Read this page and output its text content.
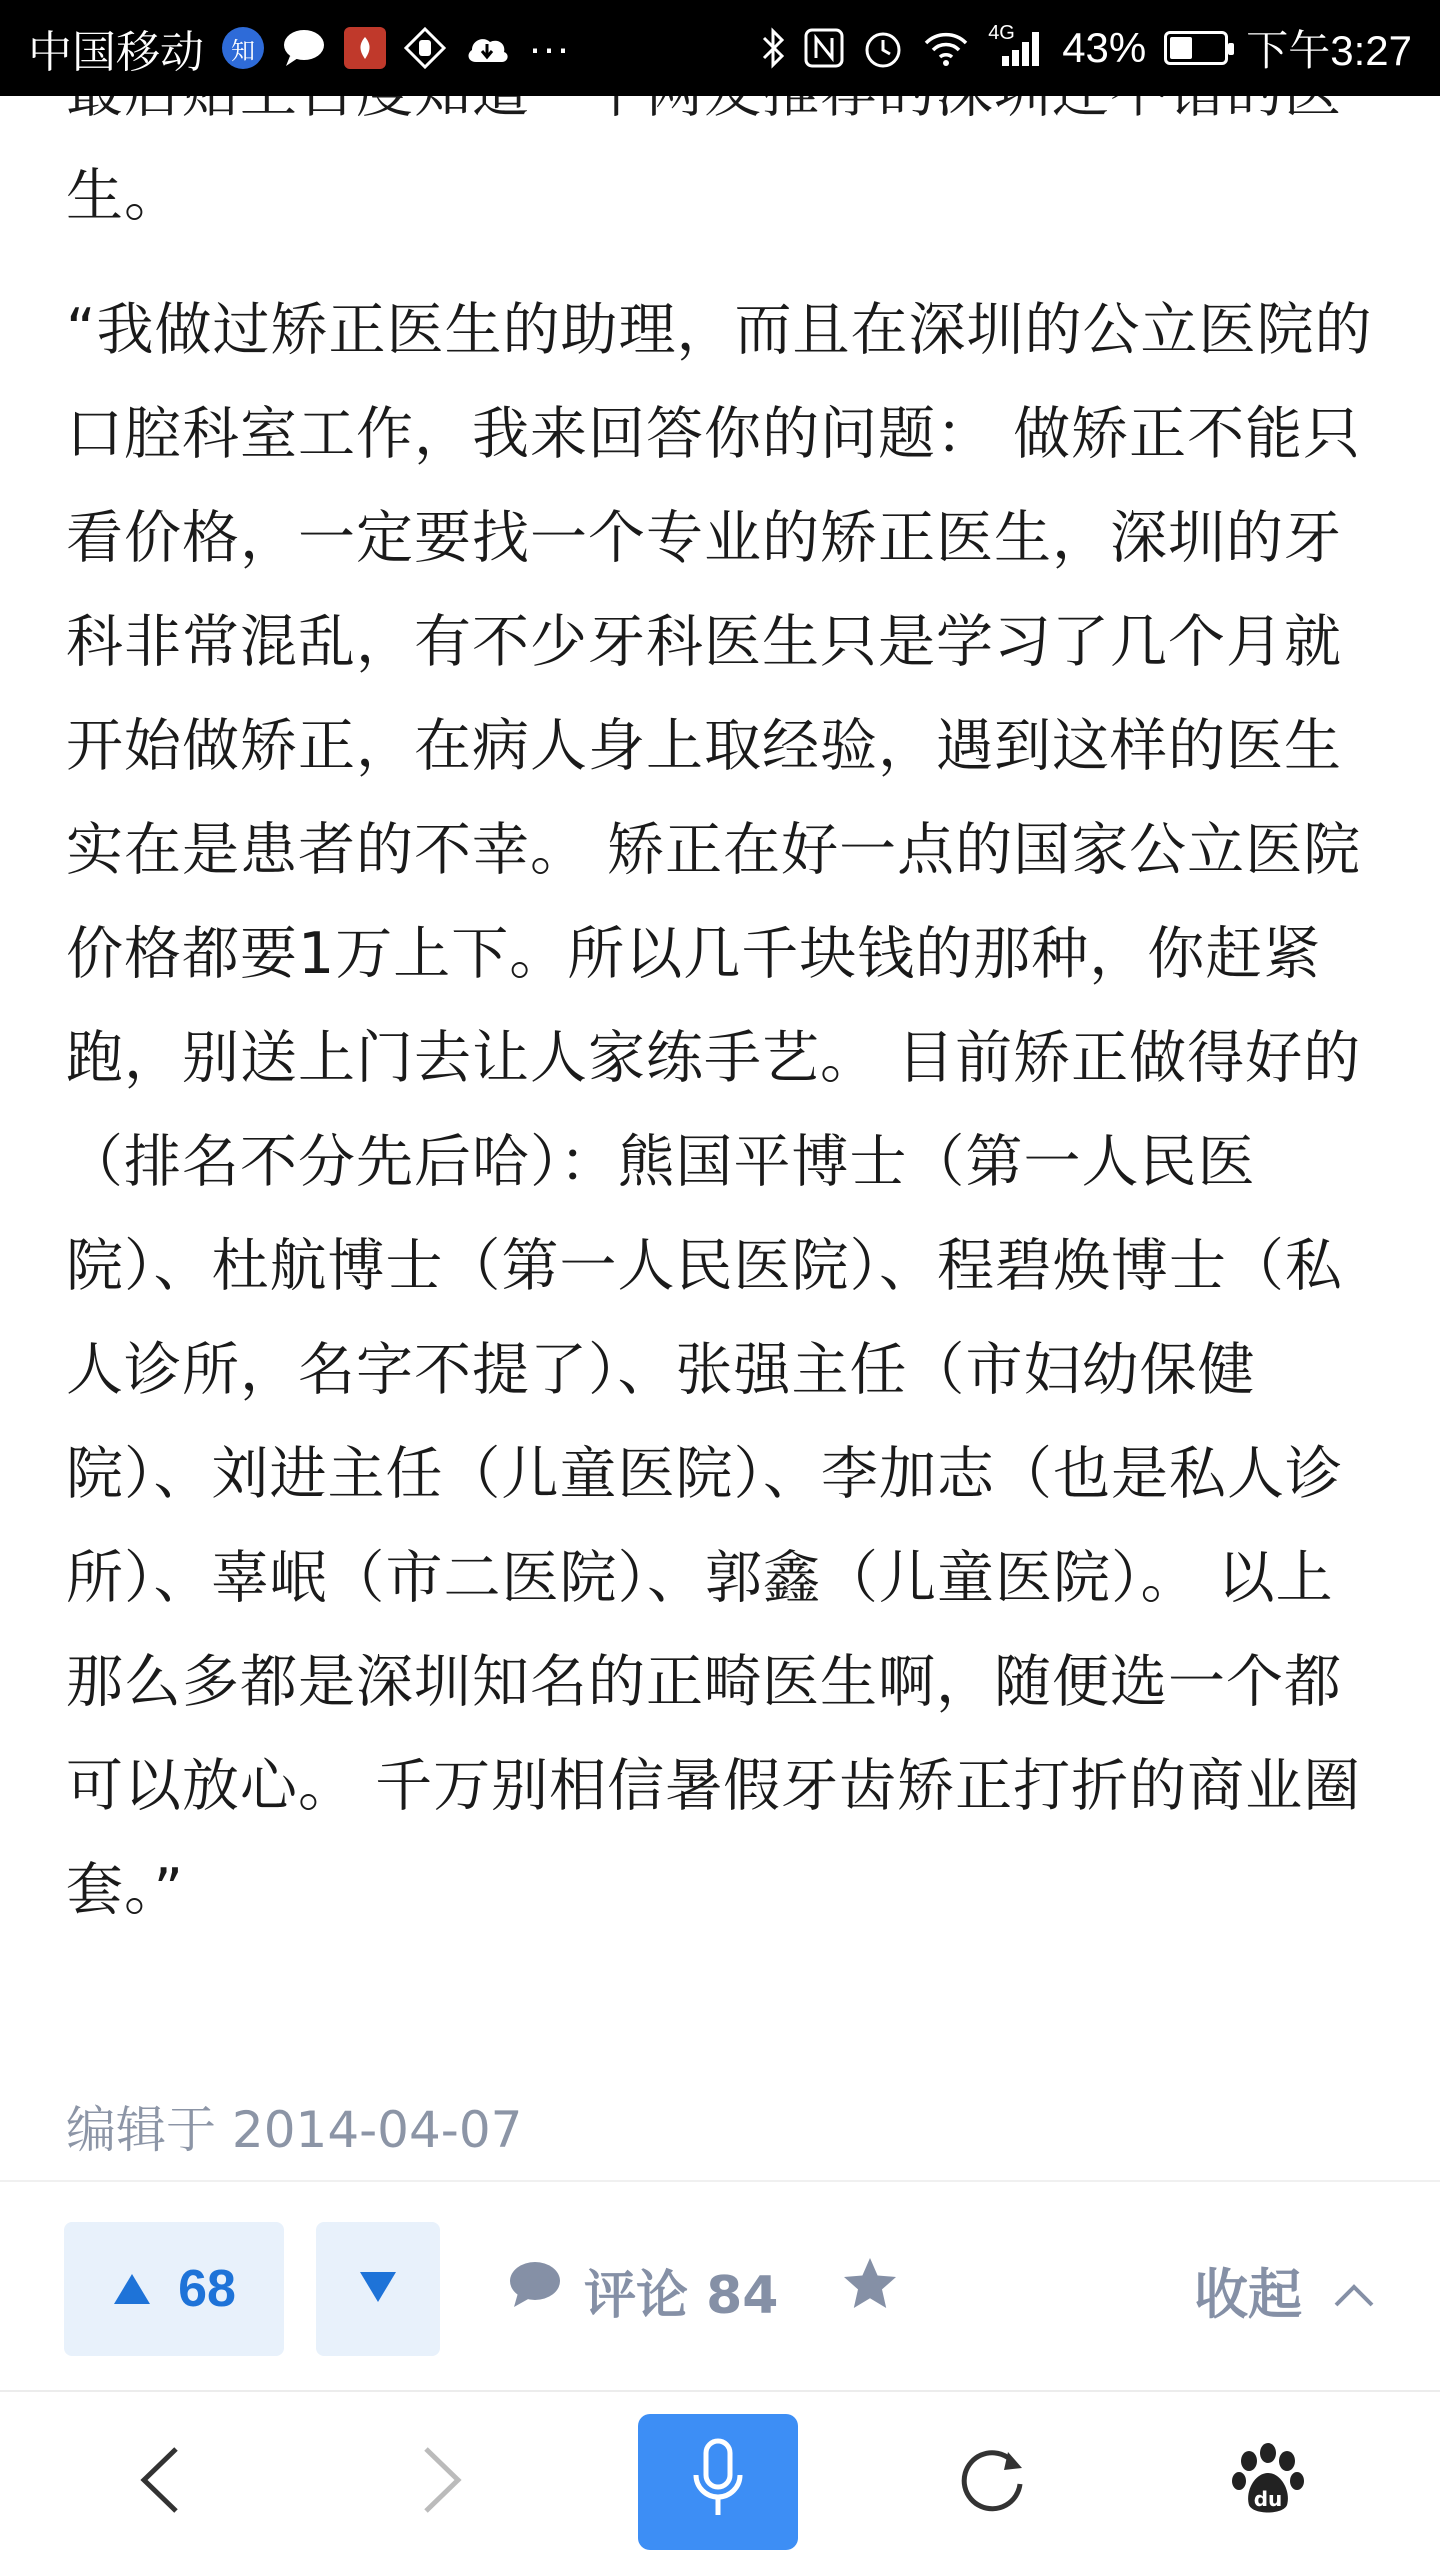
中国移动	知	···	4G 43% 下午3:27

生。

“我做过矫正医生的助理，而且在深圳的公立医院的口腔科室工作，我来回答你的问题： 做矫正不能只看价格，一定要找一个专业的矫正医生，深圳的牙科非常混乱，有不少牙科医生只是学习了几个月就开始做矫正，在病人身上取经验，遇到这样的医生实在是患者的不幸。 矫正在好一点的国家公立医院价格都要1万上下。所以几千块钱的那种，你赶紧跑，别送上门去让人家练手艺。 目前矫正做得好的（排名不分先后哈）：熊国平博士（第一人民医院）、杜航博士（第一人民医院）、程碧焕博士（私人诊所，名字不提了）、张强主任（市妇幼保健院）、刘进主任（儿童医院）、李加志（也是私人诊所）、辜岷（市二医院）、郭鑫（儿童医院）。 以上那么多都是深圳知名的正畸医生啊，随便选一个都可以放心。 千万别相信暑假牙齿矫正打折的商业圈套。”

编辑于 2014-04-07
68	评论 84	收起
du
